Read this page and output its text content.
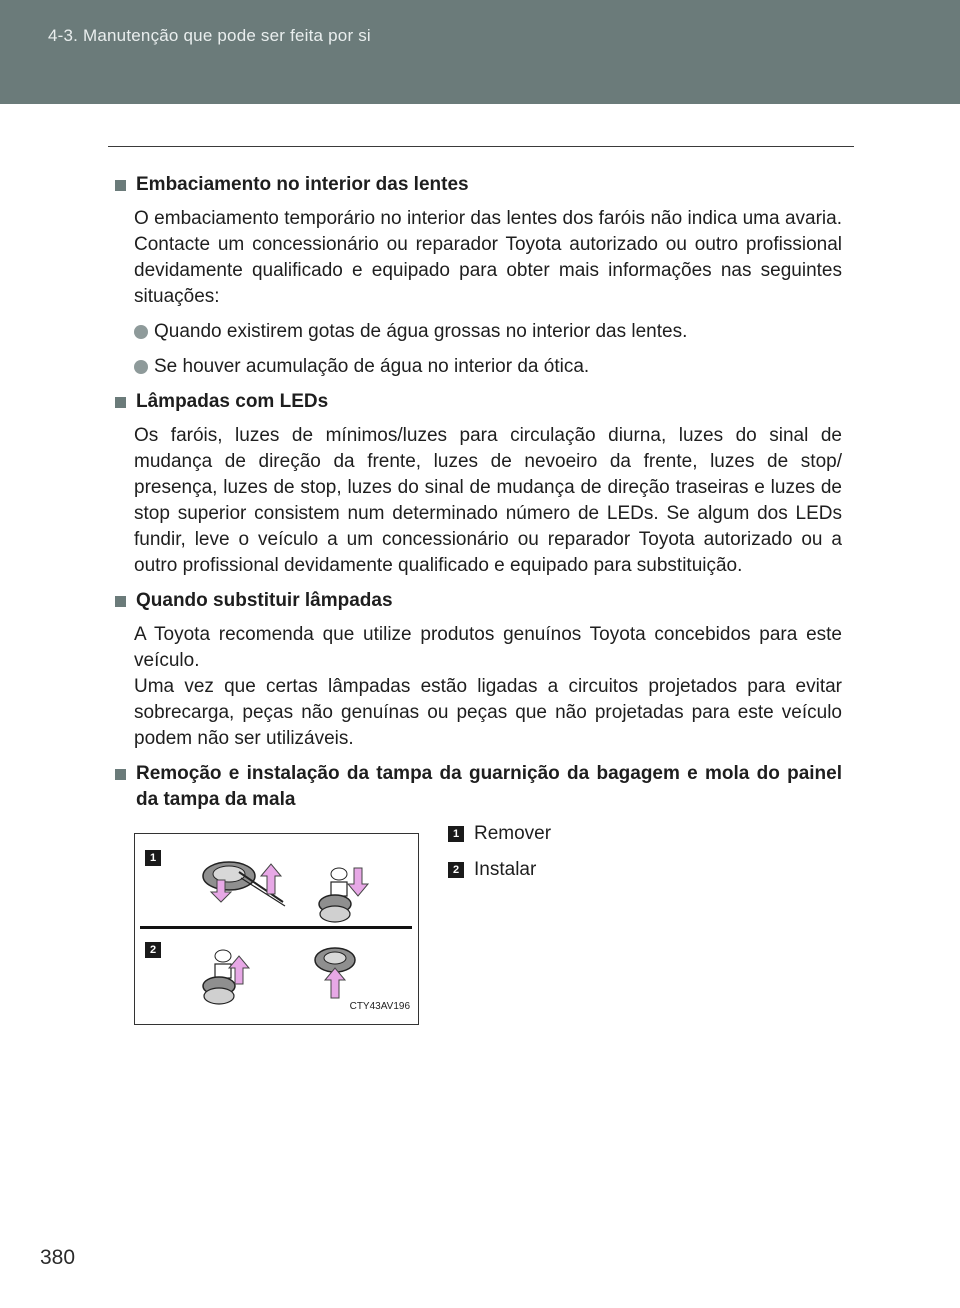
4-3. Manutenção que pode ser feita por si
Embaciamento no interior das lentes

O embaciamento temporário no interior das lentes dos faróis não indica uma avaria. Contacte um concessionário ou reparador Toyota autorizado ou outro profissional devidamente qualificado e equipado para obter mais informações nas seguintes situações:

Quando existirem gotas de água grossas no interior das lentes.
Se houver acumulação de água no interior da ótica.
Lâmpadas com LEDs

Os faróis, luzes de mínimos/luzes para circulação diurna, luzes do sinal de mudança de direção da frente, luzes de nevoeiro da frente, luzes de stop/ presença, luzes de stop, luzes do sinal de mudança de direção traseiras e luzes de stop superior consistem num determinado número de LEDs. Se algum dos LEDs fundir, leve o veículo a um concessionário ou reparador Toyota autorizado ou a outro profissional devidamente qualificado e equipado para substituição.

Quando substituir lâmpadas

A Toyota recomenda que utilize produtos genuínos Toyota concebidos para este veículo.

Uma vez que certas lâmpadas estão ligadas a circuitos projetados para evitar sobrecarga, peças não genuínas ou peças que não projetadas para este veículo podem não ser utilizáveis.

Remoção e instalação da tampa da guarnição da bagagem e mola do painel da tampa da mala
1
2
CTY43AV196
1 Remover
2 Instalar
380
